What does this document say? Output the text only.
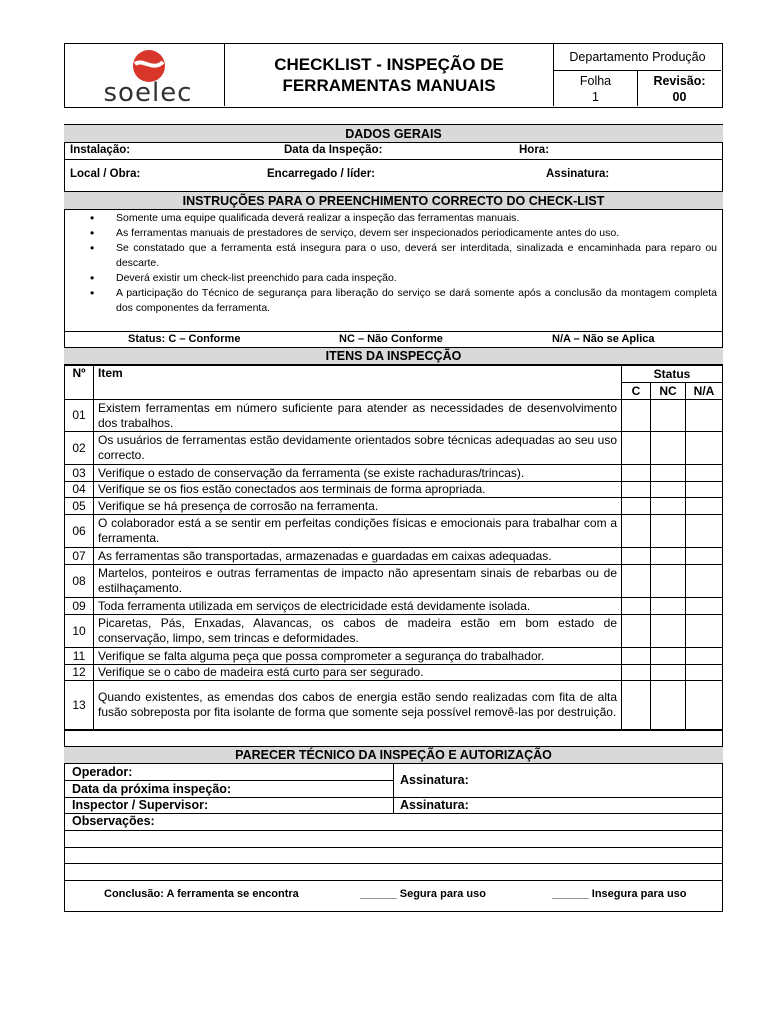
soelec
CHECKLIST - INSPEÇÃO DE
FERRAMENTAS MANUAIS
Departamento Produção
Folha
1
Revisão:
00
DADOS GERAIS
Instalação:	Data da Inspeção:	Hora:
Local / Obra:	Encarregado / líder:	Assinatura:
INSTRUÇÕES PARA O PREENCHIMENTO CORRECTO DO CHECK-LIST
• Somente uma equipe qualificada deverá realizar a inspeção das ferramentas manuais.
• As ferramentas manuais de prestadores de serviço, devem ser inspecionados periodicamente antes do uso.
• Se constatado que a ferramenta está insegura para o uso, deverá ser interditada, sinalizada e encaminhada para reparo ou descarte.
• Deverá existir um check-list preenchido para cada inspeção.
• A participação do Técnico de segurança para liberação do serviço se dará somente após a conclusão da montagem completa dos componentes da ferramenta.
Status: C – Conforme	NC – Não Conforme	N/A – Não se Aplica
ITENS DA INSPECÇÃO
Nº	Item	Status		
		C	NC	N/A
01	Existem ferramentas em número suficiente para atender as necessidades de desenvolvimento dos trabalhos.			
02	Os usuários de ferramentas estão devidamente orientados sobre técnicas adequadas ao seu uso correcto.			
03	Verifique o estado de conservação da ferramenta (se existe rachaduras/trincas).			
04	Verifique se os fios estão conectados aos terminais de forma apropriada.			
05	Verifique se há presença de corrosão na ferramenta.			
06	O colaborador está a se sentir em perfeitas condições físicas e emocionais para trabalhar com a ferramenta.			
07	As ferramentas são transportadas, armazenadas e guardadas em caixas adequadas.			
08	Martelos, ponteiros e outras ferramentas de impacto não apresentam sinais de rebarbas ou de estilhaçamento.			
09	Toda ferramenta utilizada em serviços de electricidade está devidamente isolada.			
10	Picaretas, Pás, Enxadas, Alavancas, os cabos de madeira estão em bom estado de conservação, limpo, sem trincas e deformidades.			
11	Verifique se falta alguma peça que possa comprometer a segurança do trabalhador.			
12	Verifique se o cabo de madeira está curto para ser segurado.			
13	Quando existentes, as emendas dos cabos de energia estão sendo realizadas com fita de alta fusão sobreposta por fita isolante de forma que somente seja possível removê-las por destruição.			
PARECER TÉCNICO DA INSPEÇÃO E AUTORIZAÇÃO
Operador:
Assinatura:
Data da próxima inspeção:
Inspector / Supervisor:	Assinatura:
Observações:
Conclusão: A ferramenta se encontra	______ Segura para uso	______ Insegura para uso
